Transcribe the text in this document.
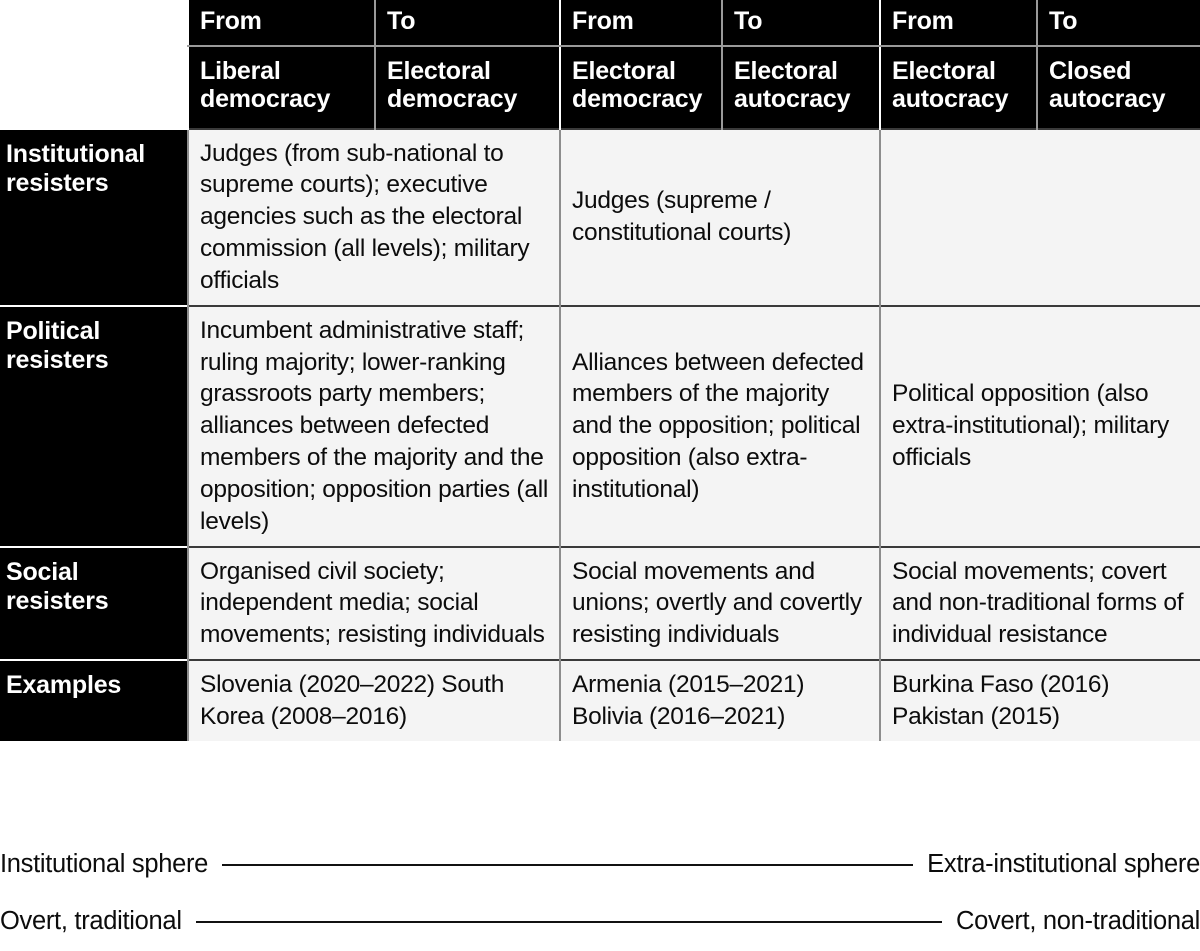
	From	To	From	To	From	To
	Liberal democracy	Electoral democracy	Electoral democracy	Electoral autocracy	Electoral autocracy	Closed autocracy
Institutional resisters	Judges (from sub-national to supreme courts); executive agencies such as the electoral commission (all levels); military officials		Judges (supreme / constitutional courts)			
Political resisters	Incumbent administrative staff; ruling majority; lower-ranking grassroots party members; alliances between defected members of the majority and the opposition; opposition parties (all levels)		Alliances between defected members of the majority and the opposition; political opposition (also extra-institutional)		Political opposition (also extra-institutional); military officials	
Social resisters	Organised civil society; independent media; social movements; resisting individuals		Social movements and unions; overtly and covertly resisting individuals		Social movements; covert and non-traditional forms of individual resistance	
Examples	Slovenia (2020–2022) South Korea (2008–2016)		Armenia (2015–2021) Bolivia (2016–2021)		Burkina Faso (2016) Pakistan (2015)	
Institutional sphere	Extra-institutional sphere
Overt, traditional	Covert, non-traditional
